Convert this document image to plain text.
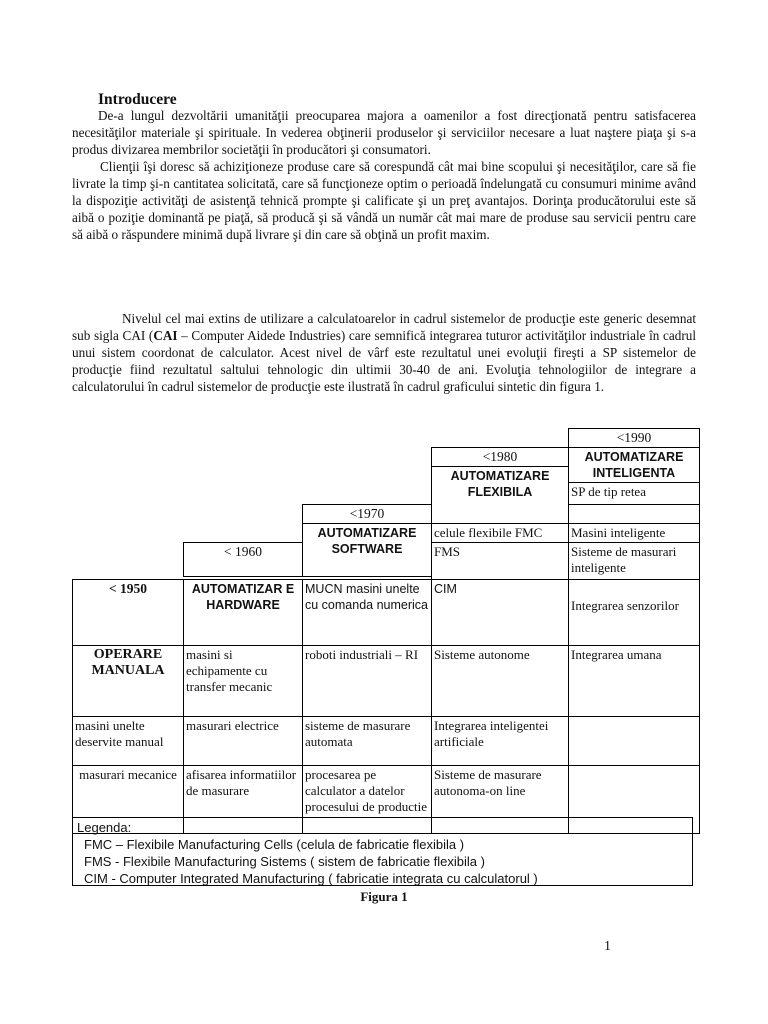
Introducere

De-a lungul dezvoltării umanităţii preocuparea majora a oamenilor a fost direcţionată pentru satisfacerea necesităţilor materiale şi spirituale. In vederea obţinerii produselor şi serviciilor necesare a luat naştere piaţa şi s-a produs divizarea membrilor societăţii în producători şi consumatori.

Clienţii îşi doresc să achiziţioneze produse care să corespundă cât mai bine scopului şi necesităţilor, care să fie livrate la timp şi-n cantitatea solicitată, care să funcţioneze optim o perioadă îndelungată cu consumuri minime având la dispoziţie activităţi de asistenţă tehnică prompte şi calificate şi un preţ avantajos. Dorinţa producătorului este să aibă o poziţie dominantă pe piaţă, să producă şi să vândă un număr cât mai mare de produse sau servicii pentru care să aibă o răspundere minimă după livrare şi din care să obţină un profit maxim.

Nivelul cel mai extins de utilizare a calculatoarelor in cadrul sistemelor de producţie este generic desemnat sub sigla CAI (CAI – Computer Aidede Industries) care semnifică integrarea tuturor activităţilor industriale în cadrul unui sistem coordonat de calculator. Acest nivel de vârf este rezultatul unei evoluţii fireşti a SP sistemelor de producţie fiind rezultatul saltului tehnologic din ultimii 30-40 de ani. Evoluţia tehnologiilor de integrare a calculatorului în cadrul sistemelor de producţie este ilustrată în cadrul graficului sintetic din figura 1.

				<1990
			<1980	AUTOMATIZARE INTELIGENTA
			AUTOMATIZARE FLEXIBILA	
				SP de tip retea
		<1970		
		AUTOMATIZARE SOFTWARE	celule flexibile FMC	Masini inteligente
	< 1960		FMS	Sisteme de masurari inteligente

< 1950	AUTOMATIZAR E HARDWARE	MUCN masini unelte cu comanda numerica	CIM	Integrarea senzorilor
OPERARE MANUALA	masini si echipamente cu transfer mecanic	roboti industriali – RI	Sisteme autonome	Integrarea umana
masini unelte deservite manual	masurari electrice	sisteme de masurare automata	Integrarea inteligentei artificiale	
masurari mecanice	afisarea informatiilor de masurare	procesarea pe calculator a datelor procesului de productie	Sisteme de masurare autonoma-on line	
Legenda:
FMC – Flexibile Manufacturing Cells (celula de fabricatie flexibila )
FMS - Flexibile Manufacturing Sistems ( sistem de fabricatie flexibila )
CIM - Computer Integrated Manufacturing ( fabricatie integrata cu calculatorul )
Figura 1
1
